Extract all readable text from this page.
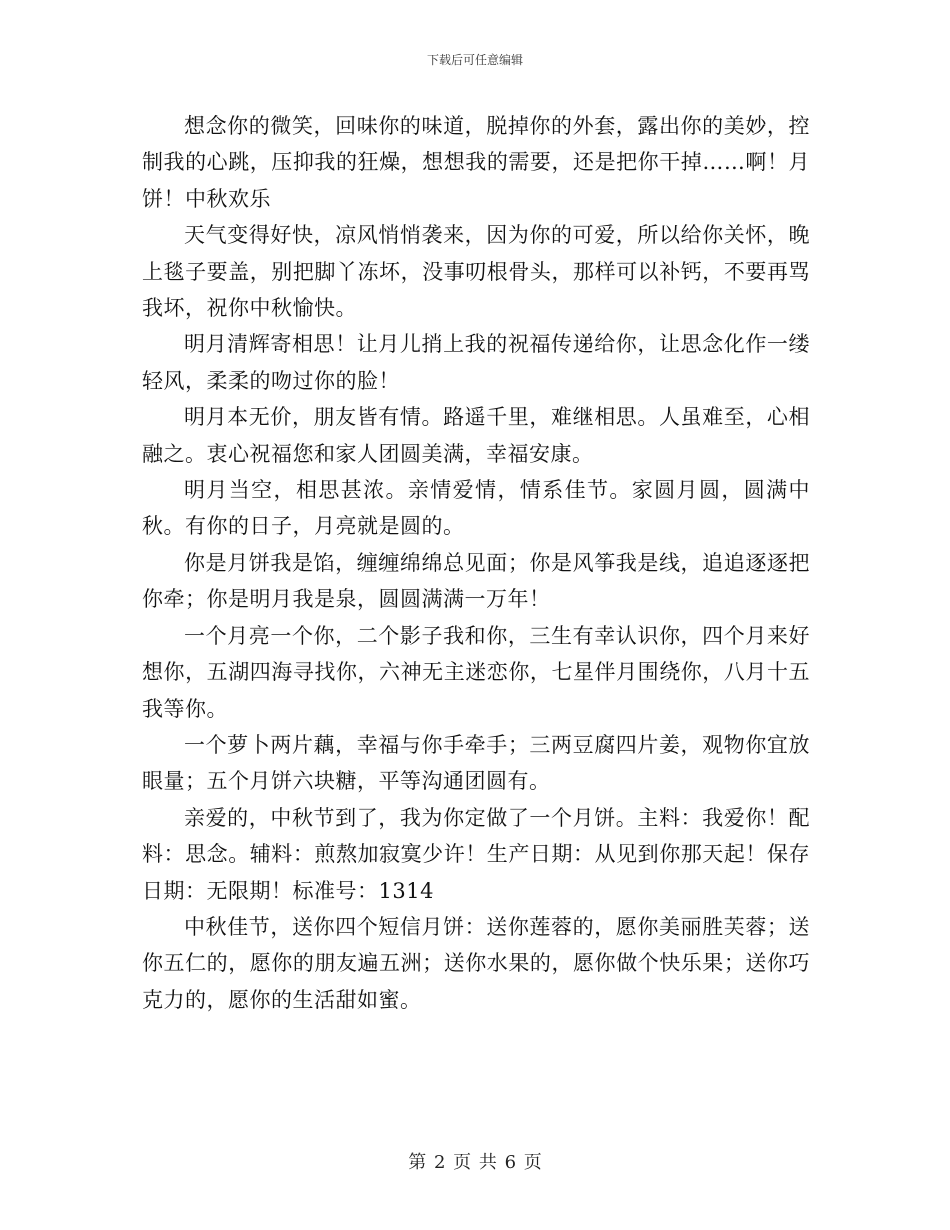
下载后可任意编辑

想念你的微笑，回味你的味道，脱掉你的外套，露出你的美妙，控制我的心跳，压抑我的狂燥，想想我的需要，还是把你干掉……啊！月饼！中秋欢乐

天气变得好快，凉风悄悄袭来，因为你的可爱，所以给你关怀，晚上毯子要盖，别把脚丫冻坏，没事叨根骨头，那样可以补钙，不要再骂我坏，祝你中秋愉快。

明月清辉寄相思！让月儿捎上我的祝福传递给你，让思念化作一缕轻风，柔柔的吻过你的脸！

明月本无价，朋友皆有情。路遥千里，难继相思。人虽难至，心相融之。衷心祝福您和家人团圆美满，幸福安康。

明月当空，相思甚浓。亲情爱情，情系佳节。家圆月圆，圆满中秋。有你的日子，月亮就是圆的。

你是月饼我是馅，缠缠绵绵总见面；你是风筝我是线，追追逐逐把你牵；你是明月我是泉，圆圆满满一万年！

一个月亮一个你，二个影子我和你，三生有幸认识你，四个月来好想你，五湖四海寻找你，六神无主迷恋你，七星伴月围绕你，八月十五我等你。

一个萝卜两片藕，幸福与你手牵手；三两豆腐四片姜，观物你宜放眼量；五个月饼六块糖，平等沟通团圆有。

亲爱的，中秋节到了，我为你定做了一个月饼。主料：我爱你！配料：思念。辅料：煎熬加寂寞少许！生产日期：从见到你那天起！保存日期：无限期！标准号：1314

中秋佳节，送你四个短信月饼：送你莲蓉的，愿你美丽胜芙蓉；送你五仁的，愿你的朋友遍五洲；送你水果的，愿你做个快乐果；送你巧克力的，愿你的生活甜如蜜。

第 2 页 共 6 页
